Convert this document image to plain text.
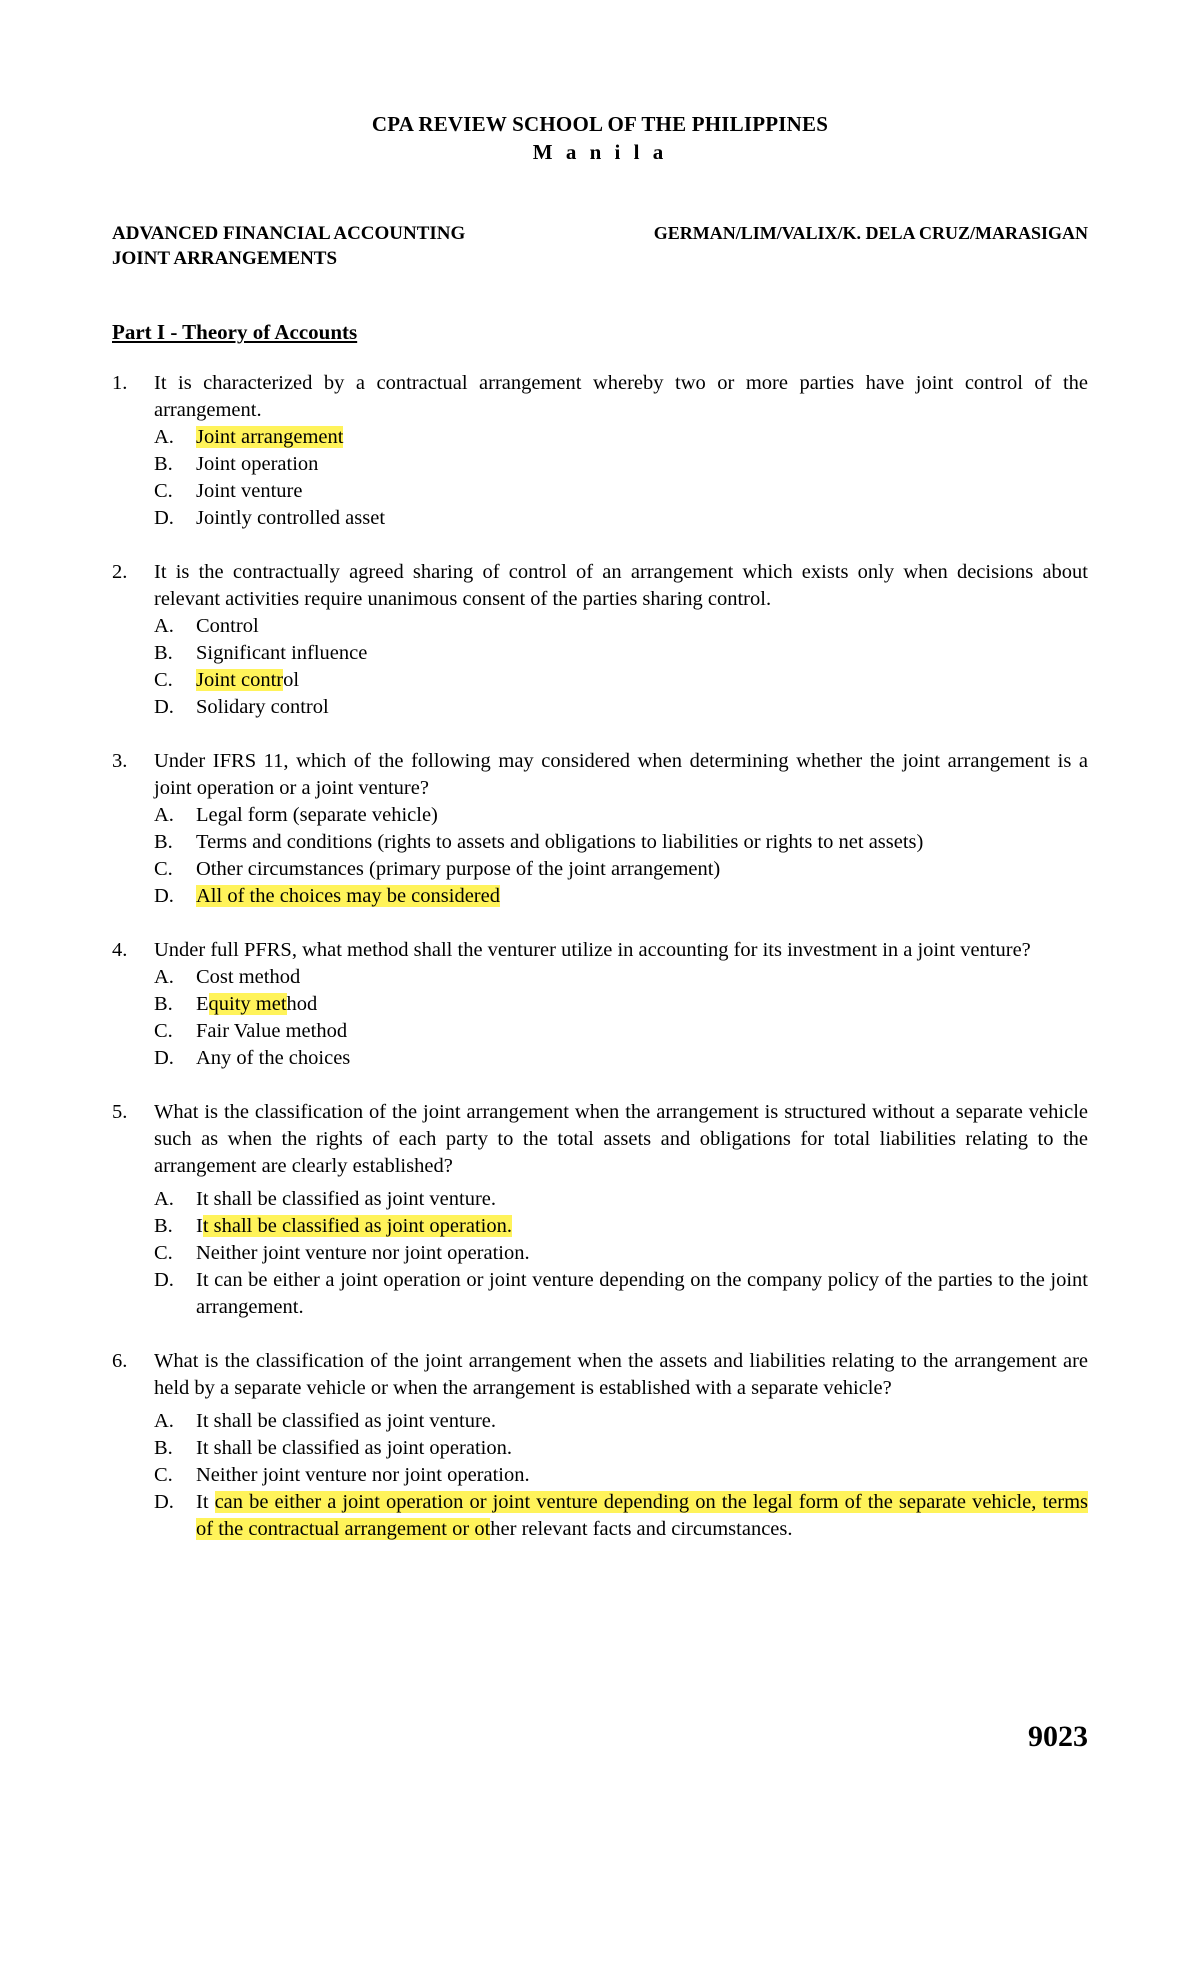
CPA REVIEW SCHOOL OF THE PHILIPPINES
M a n i l a
ADVANCED FINANCIAL ACCOUNTING
JOINT ARRANGEMENTS
GERMAN/LIM/VALIX/K. DELA CRUZ/MARASIGAN
Part I - Theory of Accounts
1. It is characterized by a contractual arrangement whereby two or more parties have joint control of the arrangement.
A. Joint arrangement
B. Joint operation
C. Joint venture
D. Jointly controlled asset
2. It is the contractually agreed sharing of control of an arrangement which exists only when decisions about relevant activities require unanimous consent of the parties sharing control.
A. Control
B. Significant influence
C. Joint control
D. Solidary control
3. Under IFRS 11, which of the following may considered when determining whether the joint arrangement is a joint operation or a joint venture?
A. Legal form (separate vehicle)
B. Terms and conditions (rights to assets and obligations to liabilities or rights to net assets)
C. Other circumstances (primary purpose of the joint arrangement)
D. All of the choices may be considered
4. Under full PFRS, what method shall the venturer utilize in accounting for its investment in a joint venture?
A. Cost method
B. Equity method
C. Fair Value method
D. Any of the choices
5. What is the classification of the joint arrangement when the arrangement is structured without a separate vehicle such as when the rights of each party to the total assets and obligations for total liabilities relating to the arrangement are clearly established?
A. It shall be classified as joint venture.
B. It shall be classified as joint operation.
C. Neither joint venture nor joint operation.
D. It can be either a joint operation or joint venture depending on the company policy of the parties to the joint arrangement.
6. What is the classification of the joint arrangement when the assets and liabilities relating to the arrangement are held by a separate vehicle or when the arrangement is established with a separate vehicle?
A. It shall be classified as joint venture.
B. It shall be classified as joint operation.
C. Neither joint venture nor joint operation.
D. It can be either a joint operation or joint venture depending on the legal form of the separate vehicle, terms of the contractual arrangement or other relevant facts and circumstances.
9023
